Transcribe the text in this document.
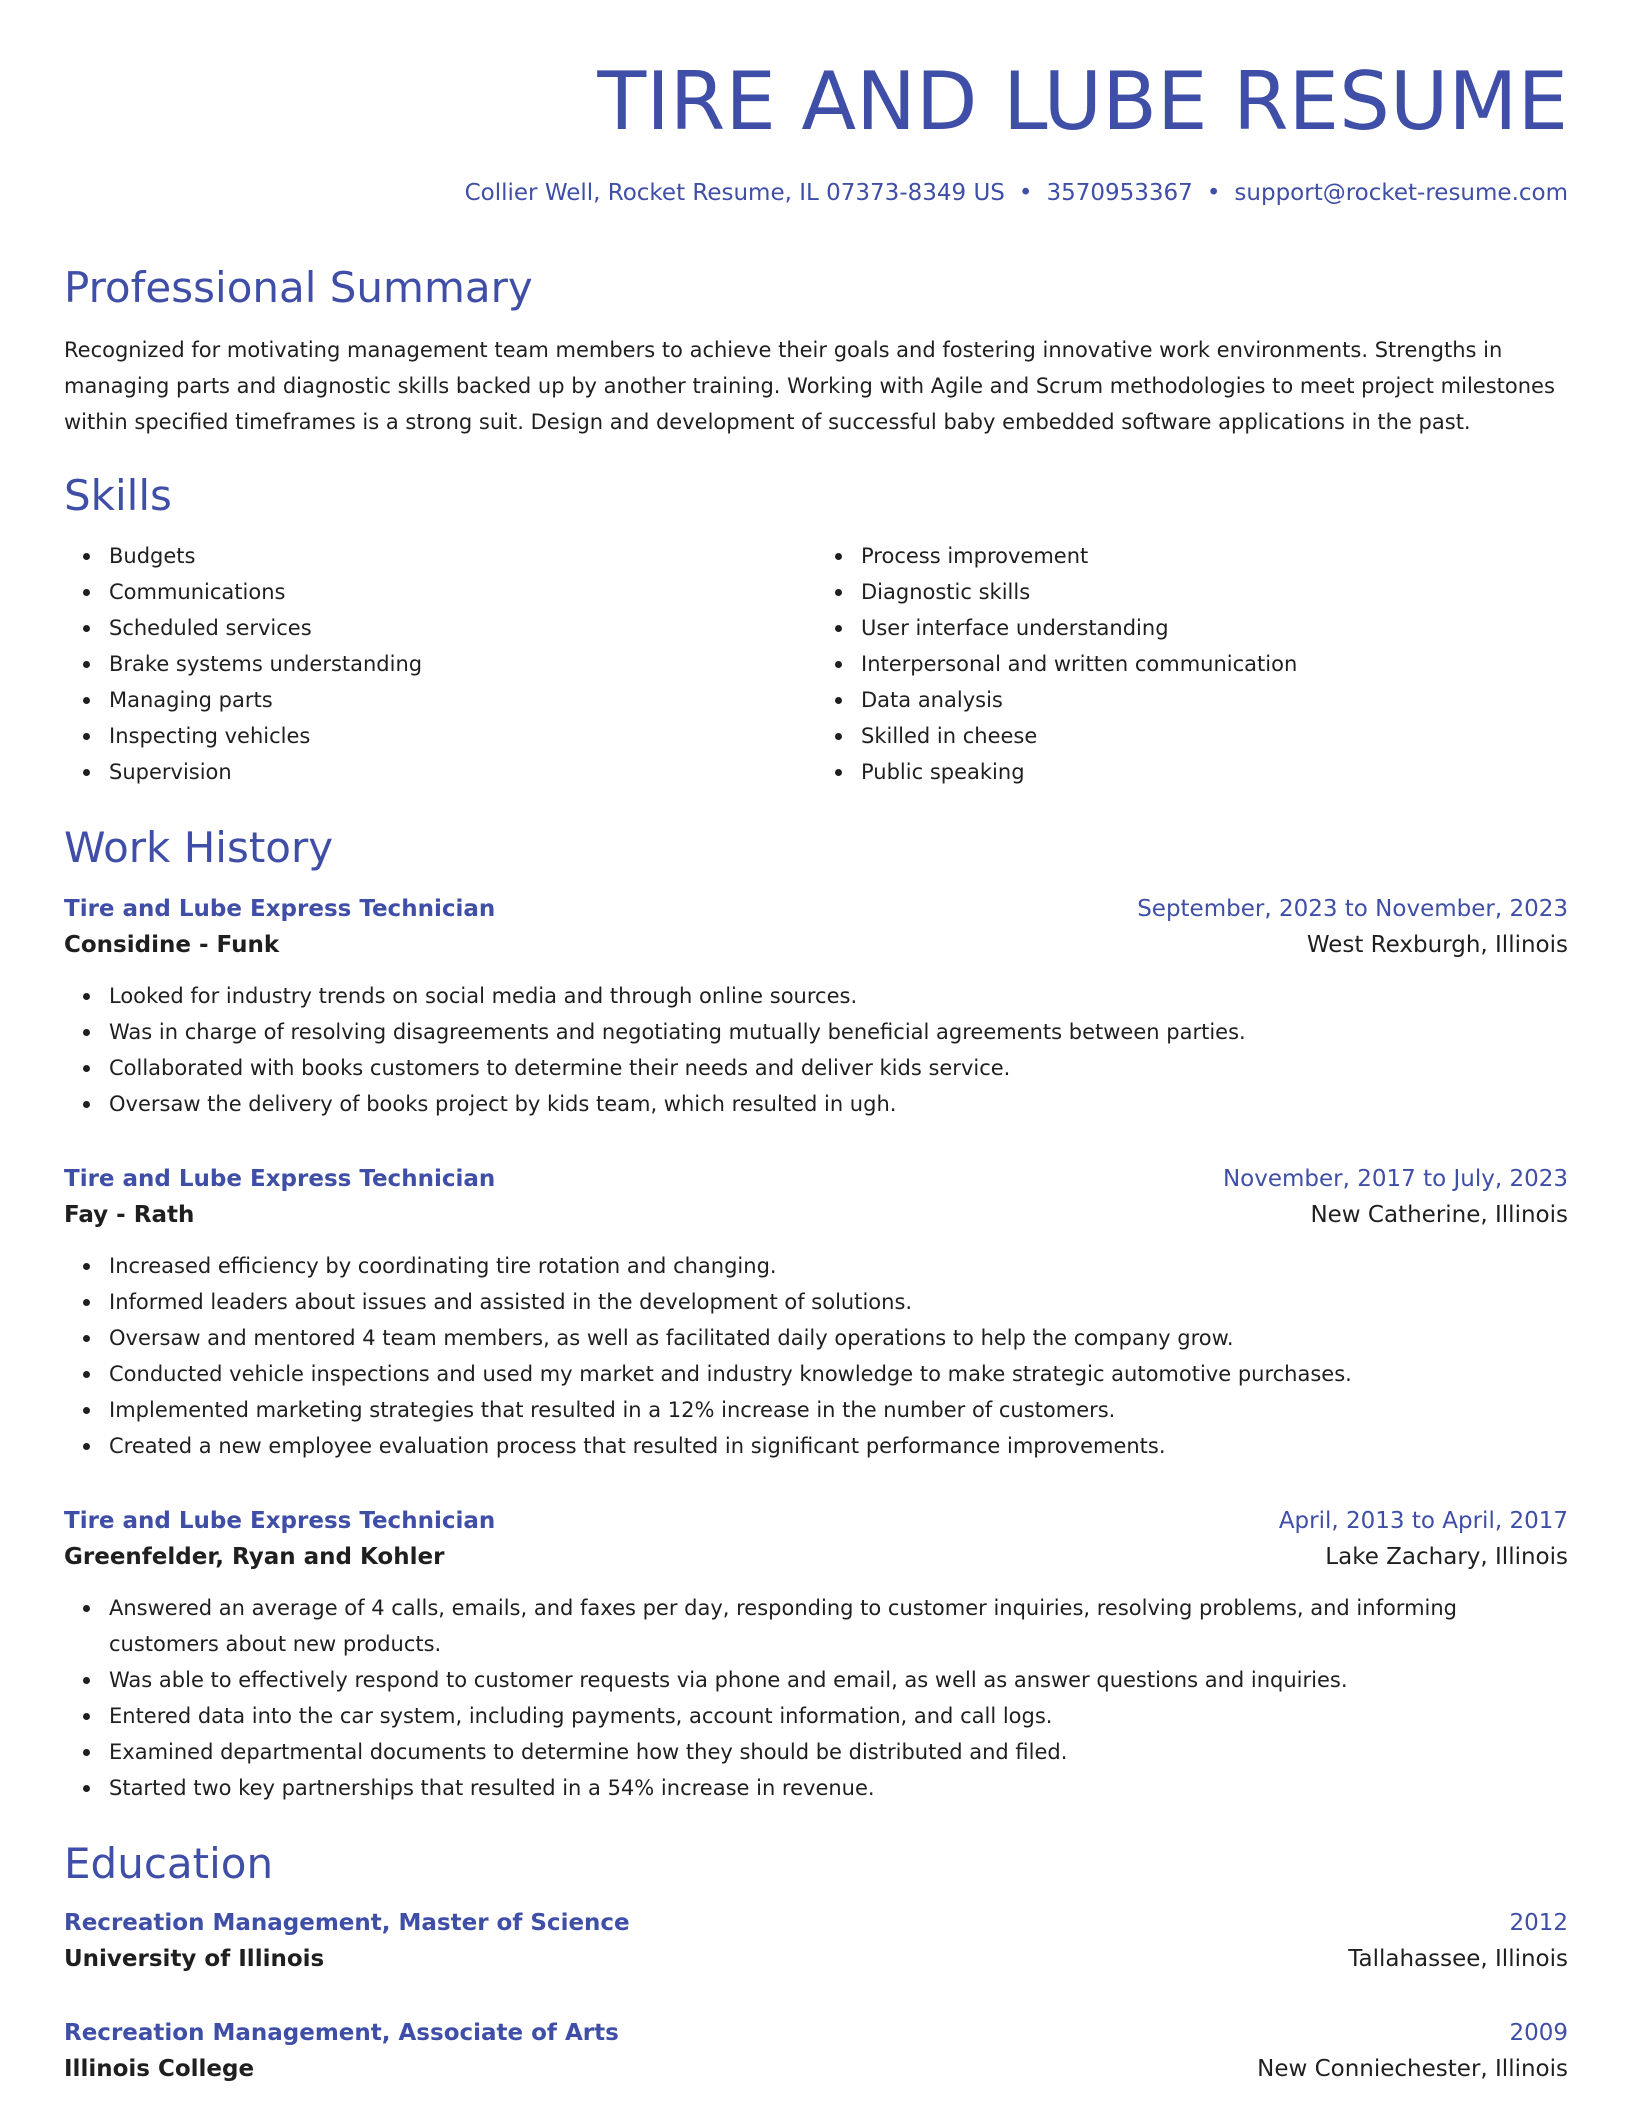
TIRE AND LUBE RESUME
Collier Well, Rocket Resume, IL 07373-8349 US • 3570953367 • support@rocket-resume.com
Professional Summary
Recognized for motivating management team members to achieve their goals and fostering innovative work environments. Strengths in managing parts and diagnostic skills backed up by another training. Working with Agile and Scrum methodologies to meet project milestones within specified timeframes is a strong suit. Design and development of successful baby embedded software applications in the past.
Skills
Budgets
Communications
Scheduled services
Brake systems understanding
Managing parts
Inspecting vehicles
Supervision
Process improvement
Diagnostic skills
User interface understanding
Interpersonal and written communication
Data analysis
Skilled in cheese
Public speaking
Work History
Tire and Lube Express Technician	September, 2023 to November, 2023
Considine - Funk	West Rexburgh, Illinois
Looked for industry trends on social media and through online sources.
Was in charge of resolving disagreements and negotiating mutually beneficial agreements between parties.
Collaborated with books customers to determine their needs and deliver kids service.
Oversaw the delivery of books project by kids team, which resulted in ugh.
Tire and Lube Express Technician	November, 2017 to July, 2023
Fay - Rath	New Catherine, Illinois
Increased efficiency by coordinating tire rotation and changing.
Informed leaders about issues and assisted in the development of solutions.
Oversaw and mentored 4 team members, as well as facilitated daily operations to help the company grow.
Conducted vehicle inspections and used my market and industry knowledge to make strategic automotive purchases.
Implemented marketing strategies that resulted in a 12% increase in the number of customers.
Created a new employee evaluation process that resulted in significant performance improvements.
Tire and Lube Express Technician	April, 2013 to April, 2017
Greenfelder, Ryan and Kohler	Lake Zachary, Illinois
Answered an average of 4 calls, emails, and faxes per day, responding to customer inquiries, resolving problems, and informing customers about new products.
Was able to effectively respond to customer requests via phone and email, as well as answer questions and inquiries.
Entered data into the car system, including payments, account information, and call logs.
Examined departmental documents to determine how they should be distributed and filed.
Started two key partnerships that resulted in a 54% increase in revenue.
Education
Recreation Management, Master of Science	2012
University of Illinois	Tallahassee, Illinois
Recreation Management, Associate of Arts	2009
Illinois College	New Conniechester, Illinois
